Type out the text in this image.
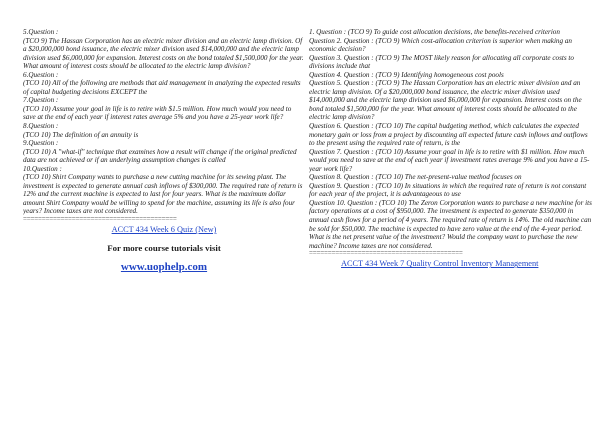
5.Question :

(TCO 9) The Hassan Corporation has an electric mixer division and an electric lamp division. Of a $20,000,000 bond issuance, the electric mixer division used $14,000,000 and the electric lamp division used $6,000,000 for expansion. Interest costs on the bond totaled $1,500,000 for the year. What amount of interest costs should be allocated to the electric lamp division?

6.Question :

(TCO 10) All of the following are methods that aid management in analyzing the expected results of capital budgeting decisions EXCEPT the

7.Question :

(TCO 10) Assume your goal in life is to retire with $1.5 million. How much would you need to save at the end of each year if interest rates average 5% and you have a 25-year work life?

8.Question :

(TCO 10) The definition of an annuity is

9.Question :

(TCO 10) A "what-if" technique that examines how a result will change if the original predicted data are not achieved or if an underlying assumption changes is called

10.Question :

(TCO 10) Shirt Company wants to purchase a new cutting machine for its sewing plant. The investment is expected to generate annual cash inflows of $300,000. The required rate of return is 12% and the current machine is expected to last for four years. What is the maximum dollar amount Shirt Company would be willing to spend for the machine, assuming its life is also four years? Income taxes are not considered.

=========================================

ACCT 434 Week 6 Quiz (New)
For more course tutorials visit
www.uophelp.com

1. Question : (TCO 9) To guide cost allocation decisions, the benefits-received criterion

Question 2. Question : (TCO 9) Which cost-allocation criterion is superior when making an economic decision?

Question 3. Question : (TCO 9) The MOST likely reason for allocating all corporate costs to divisions include that

Question 4. Question : (TCO 9) Identifying homogeneous cost pools

Question 5. Question : (TCO 9) The Hassan Corporation has an electric mixer division and an electric lamp division. Of a $20,000,000 bond issuance, the electric mixer division used $14,000,000 and the electric lamp division used $6,000,000 for expansion. Interest costs on the bond totaled $1,500,000 for the year. What amount of interest costs should be allocated to the electric lamp division?

Question 6. Question : (TCO 10) The capital budgeting method, which calculates the expected monetary gain or loss from a project by discounting all expected future cash inflows and outflows to the present using the required rate of return, is the

Question 7. Question : (TCO 10) Assume your goal in life is to retire with $1 million. How much would you need to save at the end of each year if investment rates average 9% and you have a 15-year work life?

Question 8. Question : (TCO 10) The net-present-value method focuses on

Question 9. Question : (TCO 10) In situations in which the required rate of return is not constant for each year of the project, it is advantageous to use

Question 10. Question : (TCO 10) The Zeron Corporation wants to purchase a new machine for its factory operations at a cost of $950,000. The investment is expected to generate $350,000 in annual cash flows for a period of 4 years. The required rate of return is 14%. The old machine can be sold for $50,000. The machine is expected to have zero value at the end of the 4-year period. What is the net present value of the investment? Would the company want to purchase the new machine? Income taxes are not considered.

=========================================

ACCT 434 Week 7 Quality Control Inventory Management
